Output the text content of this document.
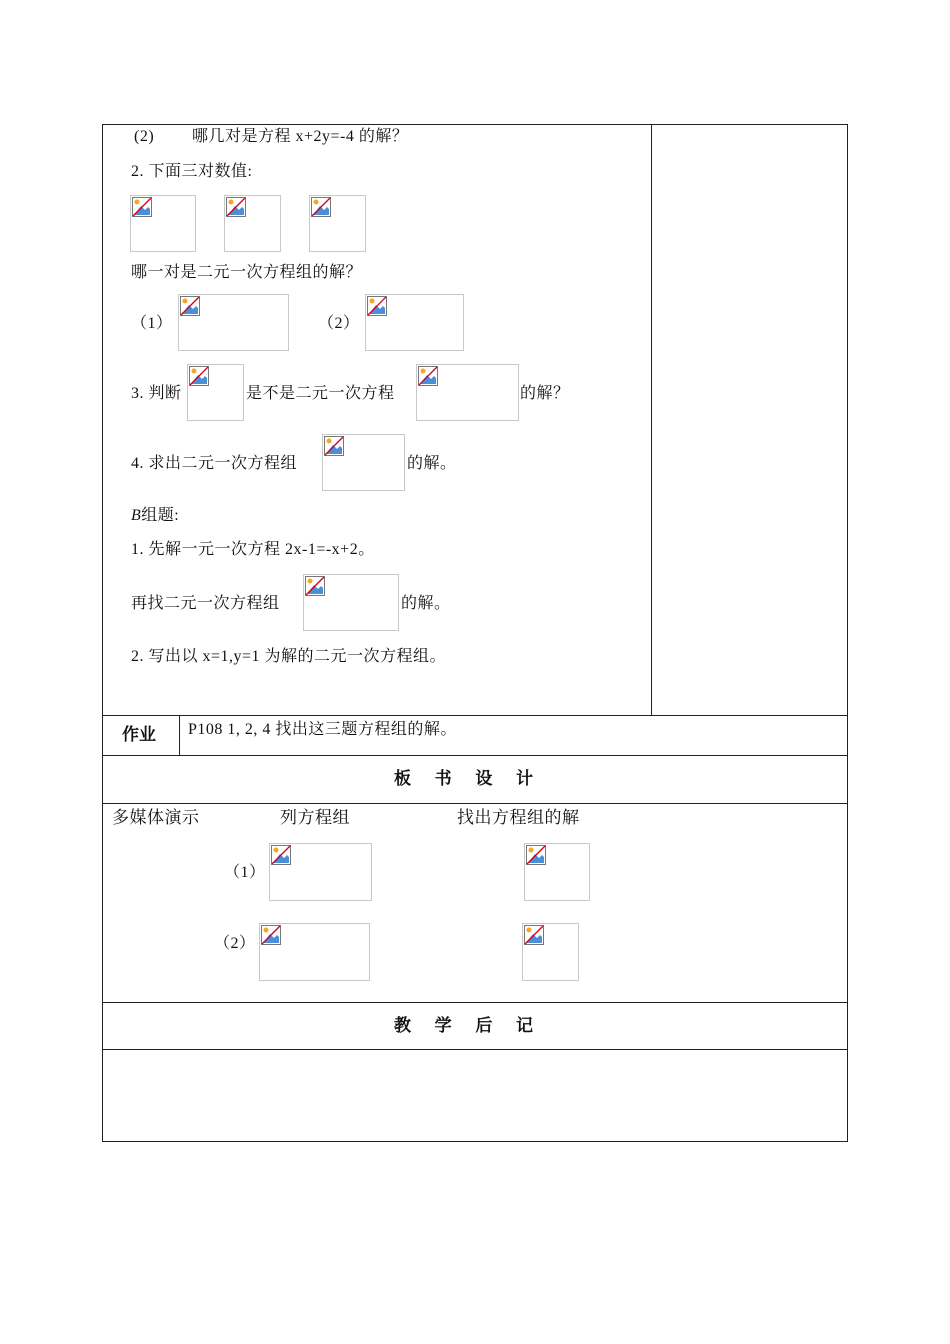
(2) 哪几对是方程 x+2y=-4 的解？
2. 下面三对数值:
哪一对是二元一次方程组的解？
（1）	（2）
3. 判断	是不是二元一次方程	的解？
4. 求出二元一次方程组	的解。
B组题:
1. 先解一元一次方程 2x-1=-x+2。
再找二元一次方程组	的解。
2. 写出以 x=1,y=1 为解的二元一次方程组。
作业 P108 1, 2, 4 找出这三题方程组的解。
板    书    设    计
多媒体演示	列方程组	找出方程组的解
（1）
（2）
教    学    后    记
